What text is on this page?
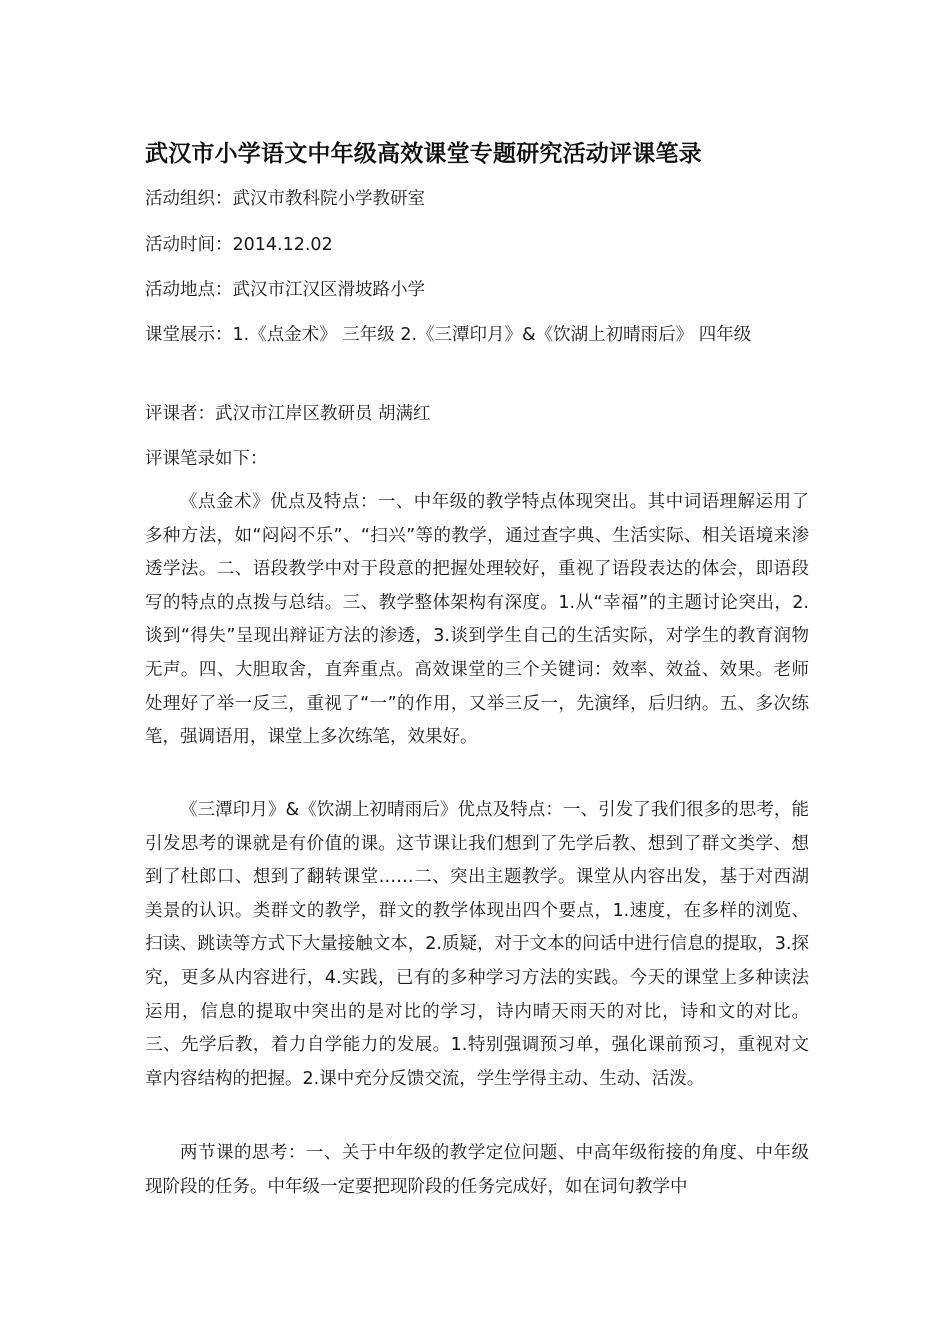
武汉市小学语文中年级高效课堂专题研究活动评课笔录
活动组织：武汉市教科院小学教研室
活动时间：2014.12.02
活动地点：武汉市江汉区滑坡路小学
课堂展示：1.《点金术》 三年级 2.《三潭印月》&《饮湖上初晴雨后》 四年级
评课者：武汉市江岸区教研员 胡满红
评课笔录如下：
《点金术》优点及特点：一、中年级的教学特点体现突出。其中词语理解运用了多种方法，如“闷闷不乐”、“扫兴”等的教学，通过查字典、生活实际、相关语境来渗透学法。二、语段教学中对于段意的把握处理较好，重视了语段表达的体会，即语段写的特点的点拨与总结。三、教学整体架构有深度。1.从“幸福”的主题讨论突出，2.谈到“得失”呈现出辩证方法的渗透，3.谈到学生自己的生活实际，对学生的教育润物无声。四、大胆取舍，直奔重点。高效课堂的三个关键词：效率、效益、效果。老师处理好了举一反三，重视了“一”的作用，又举三反一，先演绎，后归纳。五、多次练笔，强调语用，课堂上多次练笔，效果好。
《三潭印月》&《饮湖上初晴雨后》优点及特点：一、引发了我们很多的思考，能引发思考的课就是有价值的课。这节课让我们想到了先学后教、想到了群文类学、想到了杜郎口、想到了翻转课堂……二、突出主题教学。课堂从内容出发，基于对西湖美景的认识。类群文的教学，群文的教学体现出四个要点，1.速度，在多样的浏览、扫读、跳读等方式下大量接触文本，2.质疑，对于文本的问话中进行信息的提取，3.探究，更多从内容进行，4.实践，已有的多种学习方法的实践。今天的课堂上多种读法运用，信息的提取中突出的是对比的学习，诗内晴天雨天的对比，诗和文的对比。三、先学后教，着力自学能力的发展。1.特别强调预习单，强化课前预习，重视对文章内容结构的把握。2.课中充分反馈交流，学生学得主动、生动、活泼。
两节课的思考：一、关于中年级的教学定位问题、中高年级衔接的角度、中年级现阶段的任务。中年级一定要把现阶段的任务完成好，如在词句教学中
